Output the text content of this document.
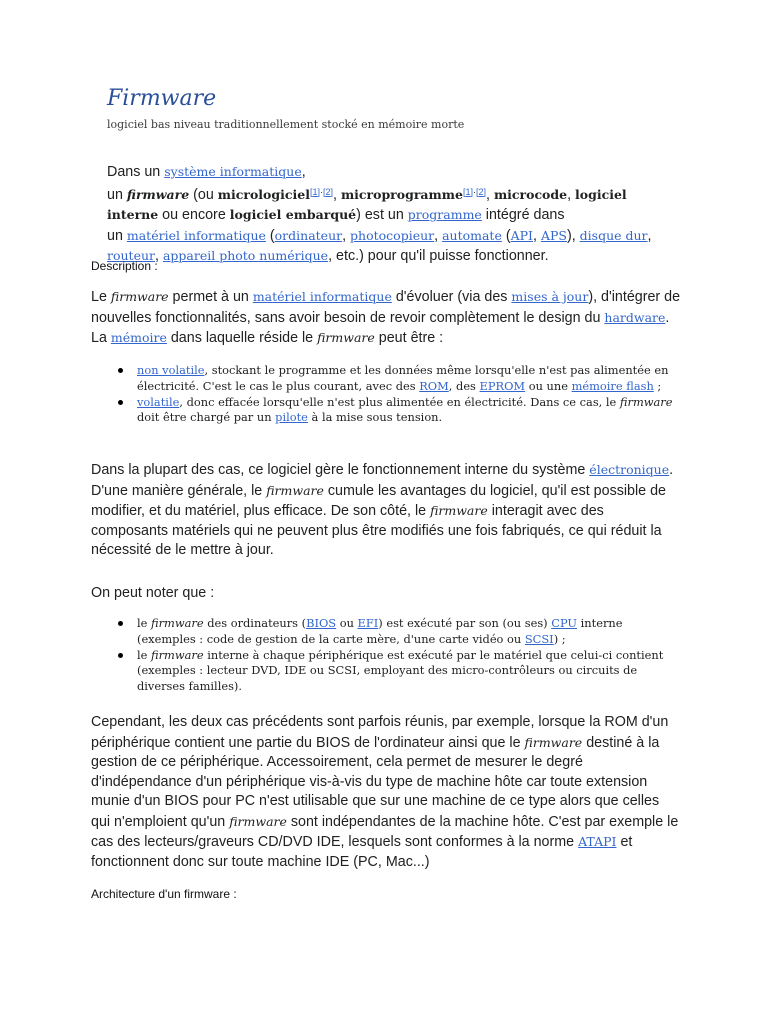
Firmware
logiciel bas niveau traditionnellement stocké en mémoire morte
Dans un système informatique,
un firmware (ou micrologiciel[1]·[2], microprogramme[1]·[2], microcode, logiciel interne ou encore logiciel embarqué) est un programme intégré dans
un matériel informatique (ordinateur, photocopieur, automate (API, APS), disque dur, routeur, appareil photo numérique, etc.) pour qu'il puisse fonctionner.
Description :
Le firmware permet à un matériel informatique d'évoluer (via des mises à jour), d'intégrer de nouvelles fonctionnalités, sans avoir besoin de revoir complètement le design du hardware.
La mémoire dans laquelle réside le firmware peut être :
non volatile, stockant le programme et les données même lorsqu'elle n'est pas alimentée en électricité. C'est le cas le plus courant, avec des ROM, des EPROM ou une mémoire flash ;
volatile, donc effacée lorsqu'elle n'est plus alimentée en électricité. Dans ce cas, le firmware doit être chargé par un pilote à la mise sous tension.
Dans la plupart des cas, ce logiciel gère le fonctionnement interne du système électronique.
D'une manière générale, le firmware cumule les avantages du logiciel, qu'il est possible de modifier, et du matériel, plus efficace. De son côté, le firmware interagit avec des composants matériels qui ne peuvent plus être modifiés une fois fabriqués, ce qui réduit la nécessité de le mettre à jour.
On peut noter que :
le firmware des ordinateurs (BIOS ou EFI) est exécuté par son (ou ses) CPU interne (exemples : code de gestion de la carte mère, d'une carte vidéo ou SCSI) ;
le firmware interne à chaque périphérique est exécuté par le matériel que celui-ci contient (exemples : lecteur DVD, IDE ou SCSI, employant des micro-contrôleurs ou circuits de diverses familles).
Cependant, les deux cas précédents sont parfois réunis, par exemple, lorsque la ROM d'un périphérique contient une partie du BIOS de l'ordinateur ainsi que le firmware destiné à la gestion de ce périphérique. Accessoirement, cela permet de mesurer le degré d'indépendance d'un périphérique vis-à-vis du type de machine hôte car toute extension munie d'un BIOS pour PC n'est utilisable que sur une machine de ce type alors que celles qui n'emploient qu'un firmware sont indépendantes de la machine hôte. C'est par exemple le cas des lecteurs/graveurs CD/DVD IDE, lesquels sont conformes à la norme ATAPI et fonctionnent donc sur toute machine IDE (PC, Mac...)
Architecture d'un firmware :
